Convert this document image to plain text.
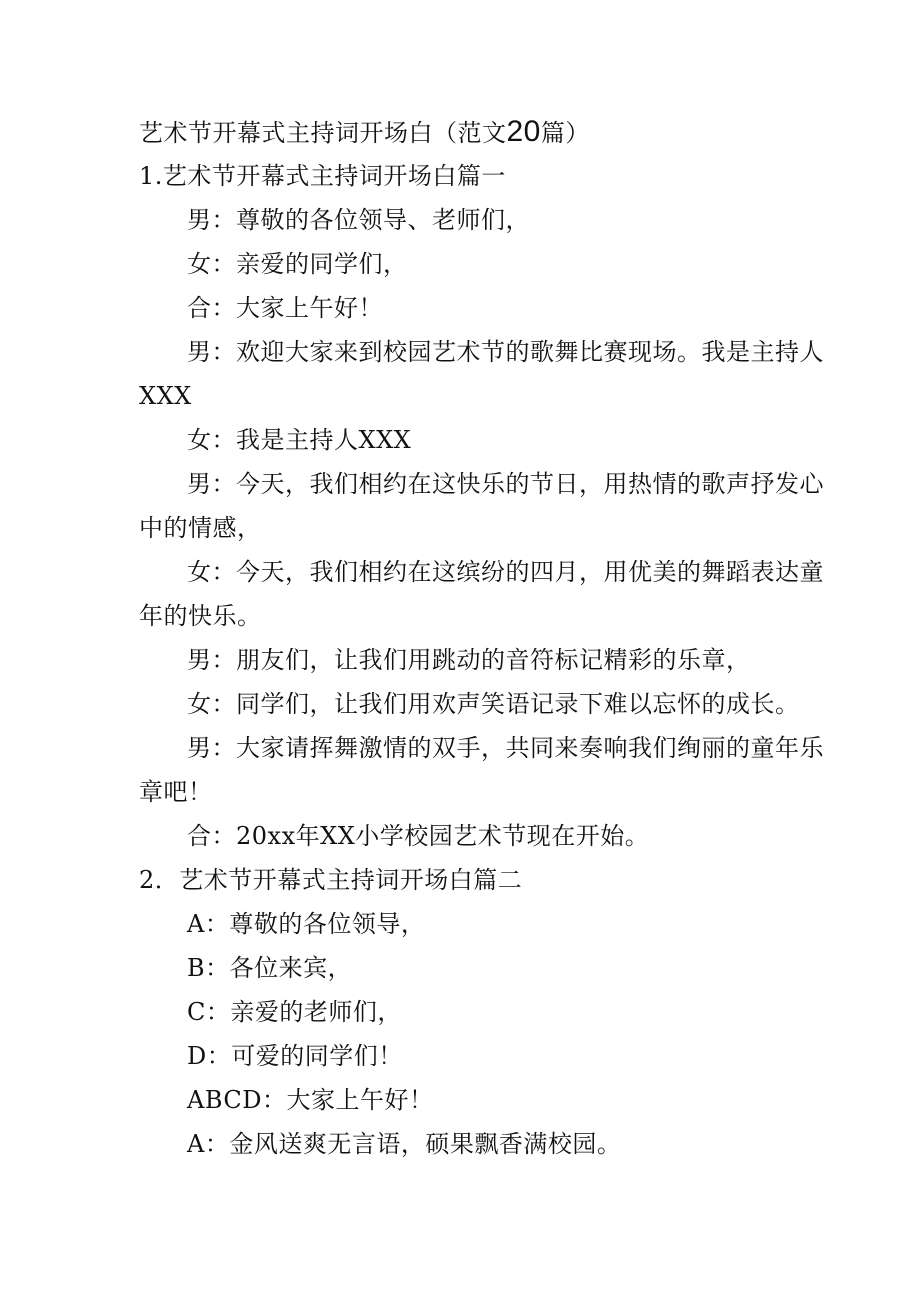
艺术节开幕式主持词开场白（范文20篇）
1.艺术节开幕式主持词开场白篇一
男：尊敬的各位领导、老师们，
女：亲爱的同学们，
合：大家上午好！
男：欢迎大家来到校园艺术节的歌舞比赛现场。我是主持人
XXX
女：我是主持人XXX
男：今天，我们相约在这快乐的节日，用热情的歌声抒发心
中的情感，
女：今天，我们相约在这缤纷的四月，用优美的舞蹈表达童
年的快乐。
男：朋友们，让我们用跳动的音符标记精彩的乐章，
女：同学们，让我们用欢声笑语记录下难以忘怀的成长。
男：大家请挥舞激情的双手，共同来奏响我们绚丽的童年乐
章吧！
合：20xx年XX小学校园艺术节现在开始。
2．艺术节开幕式主持词开场白篇二
A：尊敬的各位领导，
B：各位来宾，
C：亲爱的老师们，
D：可爱的同学们！
ABCD：大家上午好！
A：金风送爽无言语，硕果飘香满校园。
